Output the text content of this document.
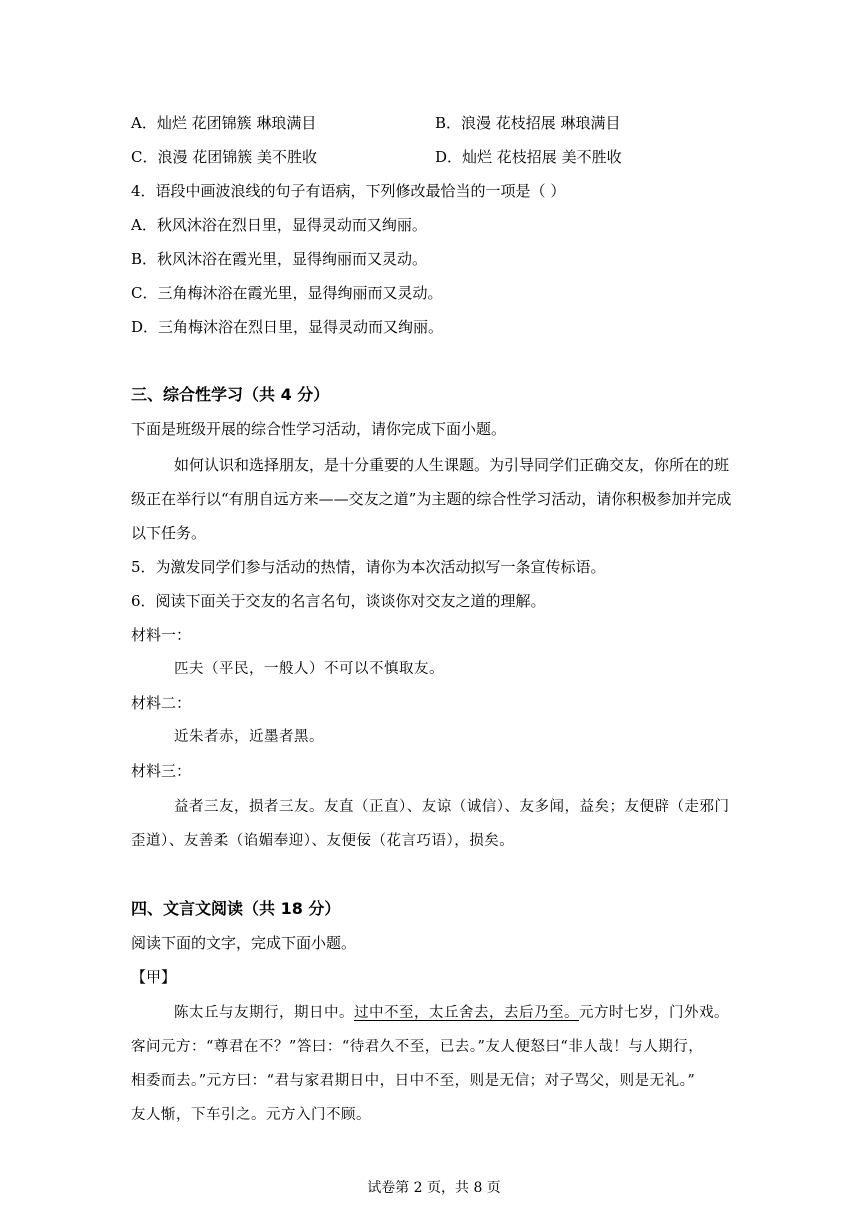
A．灿烂 花团锦簇 琳琅满目	B．浪漫 花枝招展 琳琅满目
C．浪漫 花团锦簇 美不胜收	D．灿烂 花枝招展 美不胜收
4．语段中画波浪线的句子有语病，下列修改最恰当的一项是（ ）
A．秋风沐浴在烈日里，显得灵动而又绚丽。
B．秋风沐浴在霞光里，显得绚丽而又灵动。
C．三角梅沐浴在霞光里，显得绚丽而又灵动。
D．三角梅沐浴在烈日里，显得灵动而又绚丽。
三、综合性学习（共 4 分）
下面是班级开展的综合性学习活动，请你完成下面小题。
如何认识和选择朋友，是十分重要的人生课题。为引导同学们正确交友，你所在的班
级正在举行以“有朋自远方来——交友之道”为主题的综合性学习活动，请你积极参加并完成
以下任务。
5．为激发同学们参与活动的热情，请你为本次活动拟写一条宣传标语。
6．阅读下面关于交友的名言名句，谈谈你对交友之道的理解。
材料一：
匹夫（平民，一般人）不可以不慎取友。
材料二：
近朱者赤，近墨者黑。
材料三：
益者三友，损者三友。友直（正直）、友谅（诚信）、友多闻，益矣；友便辟（走邪门
歪道）、友善柔（谄媚奉迎）、友便佞（花言巧语），损矣。
四、文言文阅读（共 18 分）
阅读下面的文字，完成下面小题。
【甲】
陈太丘与友期行，期日中。过中不至，太丘舍去，去后乃至。元方时七岁，门外戏。
客问元方：“尊君在不？”答曰：“待君久不至，已去。”友人便怒曰“非人哉！与人期行，
相委而去。”元方曰：“君与家君期日中，日中不至，则是无信；对子骂父，则是无礼。”
友人惭，下车引之。元方入门不顾。
试卷第 2 页，共 8 页
